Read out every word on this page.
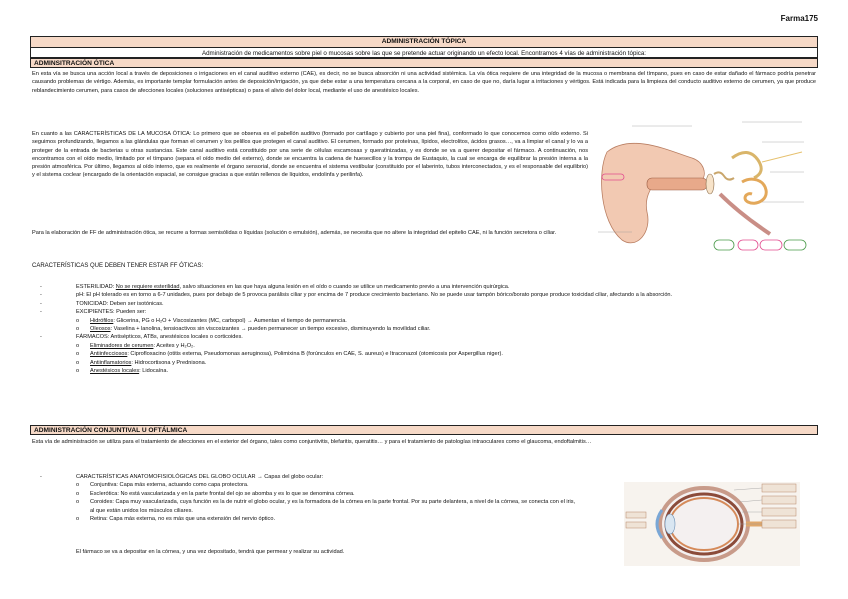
Farma175
ADMINISTRACIÓN TÓPICA
Administración de medicamentos sobre piel o mucosas sobre las que se pretende actuar originando un efecto local. Encontramos 4 vías de administración tópica:
ADMINSITRACIÓN ÓTICA
En esta vía se busca una acción local a través de deposiciones o irrigaciones en el canal auditivo externo (CAE), es decir, no se busca absorción ni una actividad sistémica. La vía ótica requiere de una integridad de la mucosa o membrana del tímpano, pues en caso de estar dañado el fármaco podría penetrar causando problemas de vértigo. Además, es importante templar formulación antes de deposición/irrigación, ya que debe estar a una temperatura cercana a la corporal, en caso de que no, daría lugar a irritaciones y vértigos. Está indicada para la limpieza del conducto auditivo externo de cerumen, ya que produce reblandecimiento cerumen, para casos de afecciones locales (soluciones antisépticas) o para el alivio del dolor local, mediante el uso de anestésico locales.
En cuanto a las CARACTERÍSTICAS DE LA MUCOSA ÓTICA: Lo primero que se observa es el pabellón auditivo (formado por cartílago y cubierto por una piel fina), conformado lo que conocemos como oído externo. Si seguimos profundizando, llegamos a las glándulas que forman el cerumen y los pelillos que protegen el canal auditivo. El cerumen, formado por proteínas, lípidos, electrolitos, ácidos grasos…, va a limpiar el canal y lo va a proteger de la entrada de bacterias u otras sustancias. Este canal auditivo está constituido por una serie de células escamosas y queratinizadas, y es donde se va a querer depositar el fármaco. A continuación, nos encontramos con el oído medio, limitado por el tímpano (separa el oído medio del externo), donde se encuentra la cadena de huesecillos y la trompa de Eustaquio, la cual se encarga de equilibrar la presión interna a la presión atmosférica. Por último, llegamos al oído interno, que es realmente el órgano sensorial, donde se encuentra el sistema vestibular (constituido por el laberinto, tubos interconectados, y es el responsable del equilibrio) y el sistema coclear (encargado de la orientación espacial, se consigue gracias a que están rellenos de líquidos, endolinfa y perilinfa).
Para la elaboración de FF de administración ótica, se recurre a formas semisólidas o líquidas (solución o emulsión), además, se necesita que no altere la integridad del epitelio CAE, ni la función secretora o ciliar.
CARACTERÍSTICAS QUE DEBEN TENER ESTAR FF ÓTICAS:
-	ESTERILIDAD: No se requiere esterilidad, salvo situaciones en las que haya alguna lesión en el oído o cuando se utilice un medicamento previo a una intervención quirúrgica.
-	pH: El pH tolerado es en torno a 6-7 unidades, pues por debajo de 5 provoca parálisis ciliar y por encima de 7 produce crecimiento bacteriano. No se puede usar tampón bórico/borato porque produce toxicidad ciliar, afectando a la absorción.
-	TONICIDAD: Deben ser isotónicas.
-	EXCIPIENTES: Pueden ser:
o	Hidrófilos: Glicerina, PG o H₂O + Viscosizantes (MC, carbopol) → Aumentan el tiempo de permanencia.
o	Oleosos: Vaselina + lanolina, tensioactivos sin viscosizantes → pueden permanecer un tiempo excesivo, disminuyendo la movilidad ciliar.
-	FÁRMACOS: Antisépticos, ATBs, anestésicos locales o corticoides.
o	Eliminadores de cerumen: Aceites y H₂O₂.
o	Antiinfecciosos: Ciprofloxacino (otitis externa, Pseudomonas aeruginosa), Polimixina B (forúnculos en CAE, S. aureus) e Itraconazol (otomicosis por Aspergillus niger).
o	Antiinflamatorios: Hidrocortisona y Prednisona.
o	Anestésicos locales: Lidocaína.
ADMINISTRACIÓN CONJUNTIVAL U OFTÁLMICA
Esta vía de administración se utiliza para el tratamiento de afecciones en el exterior del órgano, tales como conjuntivitis, blefaritis, queratitis… y para el tratamiento de patologías intraoculares como el glaucoma, endoftalmitis…
-	CARACTERÍSTICAS ANATOMOFISIOLÓGICAS DEL GLOBO OCULAR → Capas del globo ocular:
o	Conjuntiva: Capa más externa, actuando como capa protectora.
o	Esclerótica: No está vascularizada y en la parte frontal del ojo se abomba y es lo que se denomina córnea.
o	Coroides: Capa muy vascularizada, cuya función es la de nutrir el globo ocular, y es la formadora de la córnea en la parte frontal. Por su parte delantera, a nivel de la córnea, se conecta con el iris, al que están unidos los músculos ciliares.
o	Retina: Capa más externa, no es más que una extensión del nervio óptico.
El fármaco se va a depositar en la córnea, y una vez depositado, tendrá que permear y realizar su actividad.
